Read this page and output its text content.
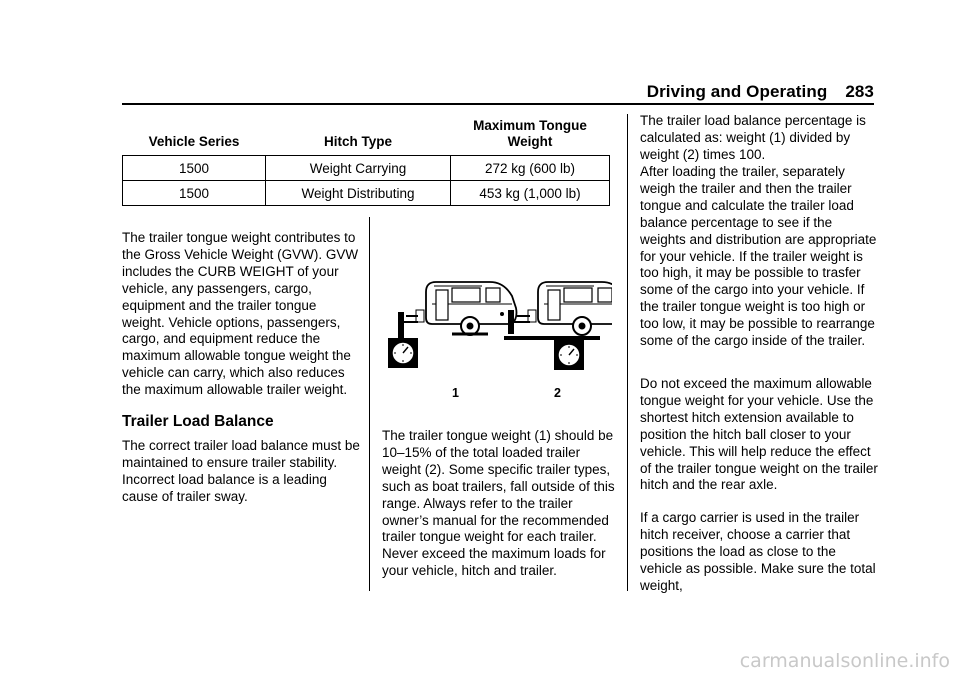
Driving and Operating 283
Vehicle Series	Hitch Type	Maximum Tongue Weight
1500	Weight Carrying	272 kg (600 lb)
1500	Weight Distributing	453 kg (1,000 lb)

The trailer tongue weight contributes to the Gross Vehicle Weight (GVW). GVW includes the CURB WEIGHT of your vehicle, any passengers, cargo, equipment and the trailer tongue weight. Vehicle options, passengers, cargo, and equipment reduce the maximum allowable tongue weight the vehicle can carry, which also reduces the maximum allowable trailer weight.

Trailer Load Balance

The correct trailer load balance must be maintained to ensure trailer stability. Incorrect load balance is a leading cause of trailer sway.

1	2

The trailer tongue weight (1) should be 10–15% of the total loaded trailer weight (2). Some specific trailer types, such as boat trailers, fall outside of this range. Always refer to the trailer owner’s manual for the recommended trailer tongue weight for each trailer. Never exceed the maximum loads for your vehicle, hitch and trailer.

The trailer load balance percentage is calculated as: weight (1) divided by weight (2) times 100.

After loading the trailer, separately weigh the trailer and then the trailer tongue and calculate the trailer load balance percentage to see if the weights and distribution are appropriate for your vehicle. If the trailer weight is too high, it may be possible to trasfer some of the cargo into your vehicle. If the trailer tongue weight is too high or too low, it may be possible to rearrange some of the cargo inside of the trailer.

Do not exceed the maximum allowable tongue weight for your vehicle. Use the shortest hitch extension available to position the hitch ball closer to your vehicle. This will help reduce the effect of the trailer tongue weight on the trailer hitch and the rear axle.

If a cargo carrier is used in the trailer hitch receiver, choose a carrier that positions the load as close to the vehicle as possible. Make sure the total weight,

carmanualsonline.info
